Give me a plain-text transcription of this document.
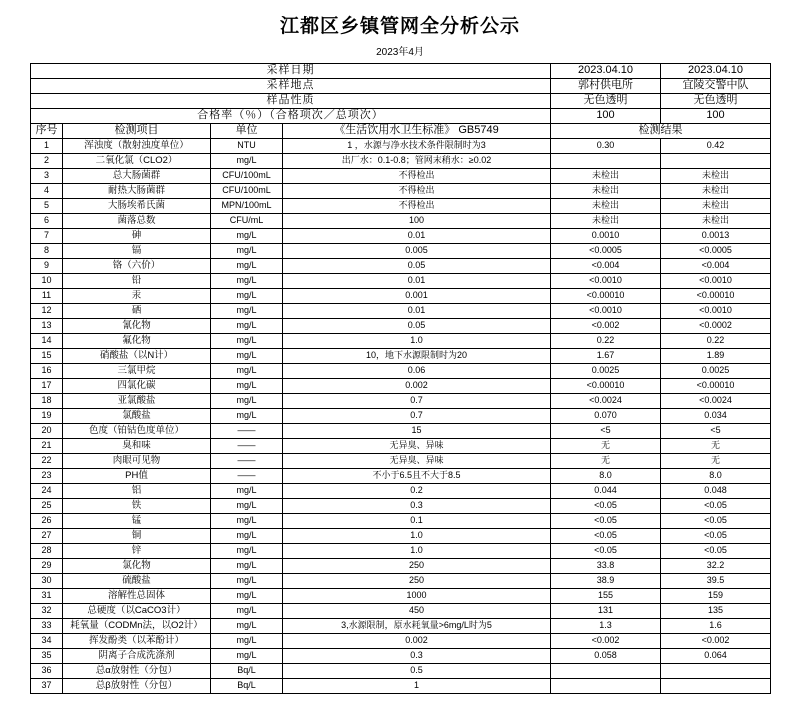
江都区乡镇管网全分析公示
2023年4月
采样日期				2023.04.10	2023.04.10
采样地点				郭村供电所	宜陵交警中队
样品性质				无色透明	无色透明
合格率（％）（合格项次／总项次）				100	100
序号	检测项目	单位	《生活饮用水卫生标准》 GB5749	检测结果	
1	浑浊度（散射浊度单位）	NTU	1 ，水源与净水技术条件限制时为3	0.30	0.42
2	二氧化氯（CLO2）	mg/L	出厂水：0.1-0.8；管网末稍水：≥0.02		
3	总大肠菌群	CFU/100mL	不得检出	未检出	未检出
4	耐热大肠菌群	CFU/100mL	不得检出	未检出	未检出
5	大肠埃希氏菌	MPN/100mL	不得检出	未检出	未检出
6	菌落总数	CFU/mL	100	未检出	未检出
7	砷	mg/L	0.01	0.0010	0.0013
8	镉	mg/L	0.005	<0.0005	<0.0005
9	铬（六价）	mg/L	0.05	<0.004	<0.004
10	铅	mg/L	0.01	<0.0010	<0.0010
11	汞	mg/L	0.001	<0.00010	<0.00010
12	硒	mg/L	0.01	<0.0010	<0.0010
13	氰化物	mg/L	0.05	<0.002	<0.0002
14	氟化物	mg/L	1.0	0.22	0.22
15	硝酸盐（以N计）	mg/L	10，地下水源限制时为20	1.67	1.89
16	三氯甲烷	mg/L	0.06	0.0025	0.0025
17	四氯化碳	mg/L	0.002	<0.00010	<0.00010
18	亚氯酸盐	mg/L	0.7	<0.0024	<0.0024
19	氯酸盐	mg/L	0.7	0.070	0.034
20	色度（铂钴色度单位）	——	15	<5	<5
21	臭和味	——	无异臭、异味	无	无
22	肉眼可见物	——	无异臭、异味	无	无
23	PH值	——	不小于6.5且不大于8.5	8.0	8.0
24	铝	mg/L	0.2	0.044	0.048
25	铁	mg/L	0.3	<0.05	<0.05
26	锰	mg/L	0.1	<0.05	<0.05
27	铜	mg/L	1.0	<0.05	<0.05
28	锌	mg/L	1.0	<0.05	<0.05
29	氯化物	mg/L	250	33.8	32.2
30	硫酸盐	mg/L	250	38.9	39.5
31	溶解性总固体	mg/L	1000	155	159
32	总硬度（以CaCO3计）	mg/L	450	131	135
33	耗氧量（CODMn法，以O2计）	mg/L	3,水源限制，原水耗氧量>6mg/L时为5	1.3	1.6
34	挥发酚类（以苯酚计）	mg/L	0.002	<0.002	<0.002
35	阴离子合成洗涤剂	mg/L	0.3	0.058	0.064
36	总α放射性（分包）	Bq/L	0.5		
37	总β放射性（分包）	Bq/L	1		
